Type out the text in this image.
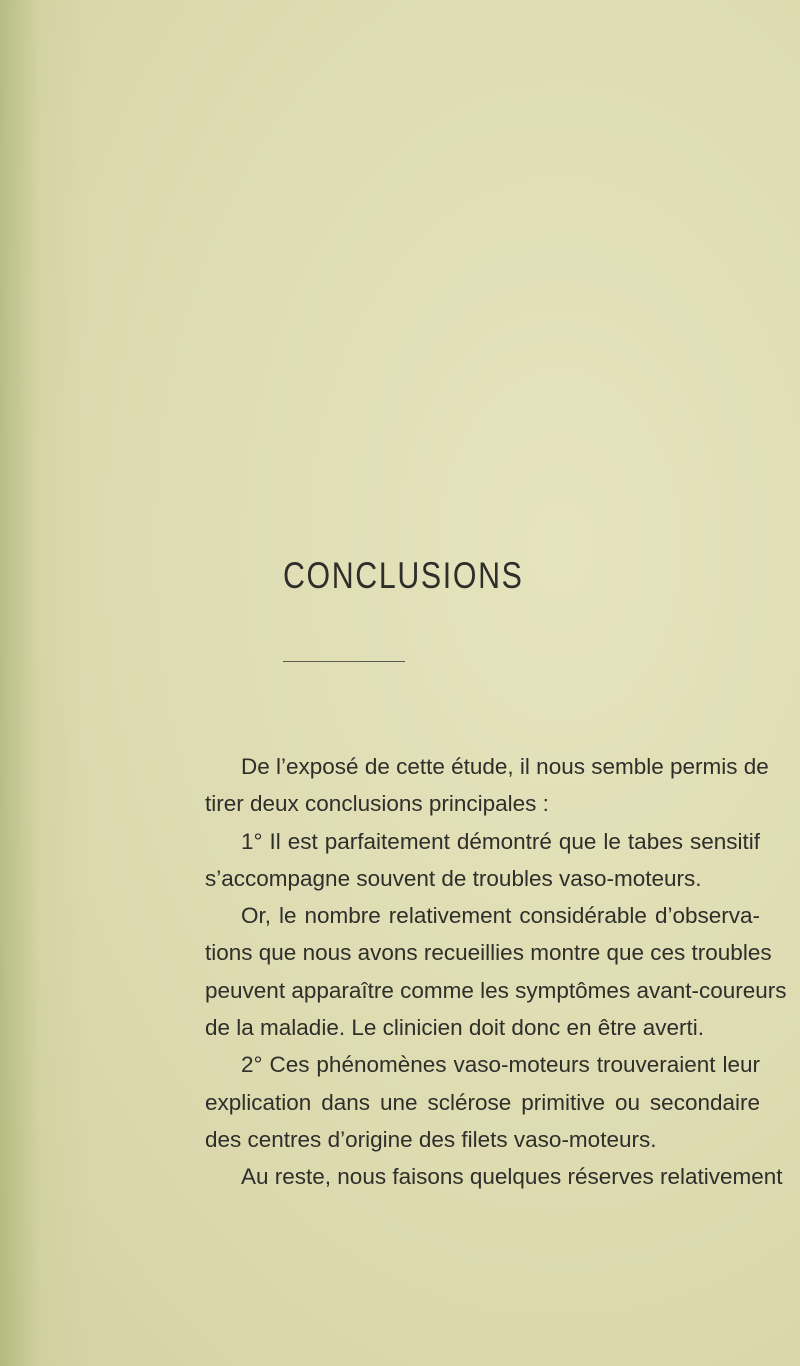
CONCLUSIONS
De l’exposé de cette étude, il nous semble permis de
tirer deux conclusions principales :
1° Il est parfaitement démontré que le tabes sensitif
s’accompagne souvent de troubles vaso-moteurs.
Or, le nombre relativement considérable d’observa-
tions que nous avons recueillies montre que ces troubles
peuvent apparaître comme les symptômes avant-coureurs
de la maladie. Le clinicien doit donc en être averti.
2° Ces phénomènes vaso-moteurs trouveraient leur
explication dans une sclérose primitive ou secondaire
des centres d’origine des filets vaso-moteurs.
Au reste, nous faisons quelques réserves relativement
